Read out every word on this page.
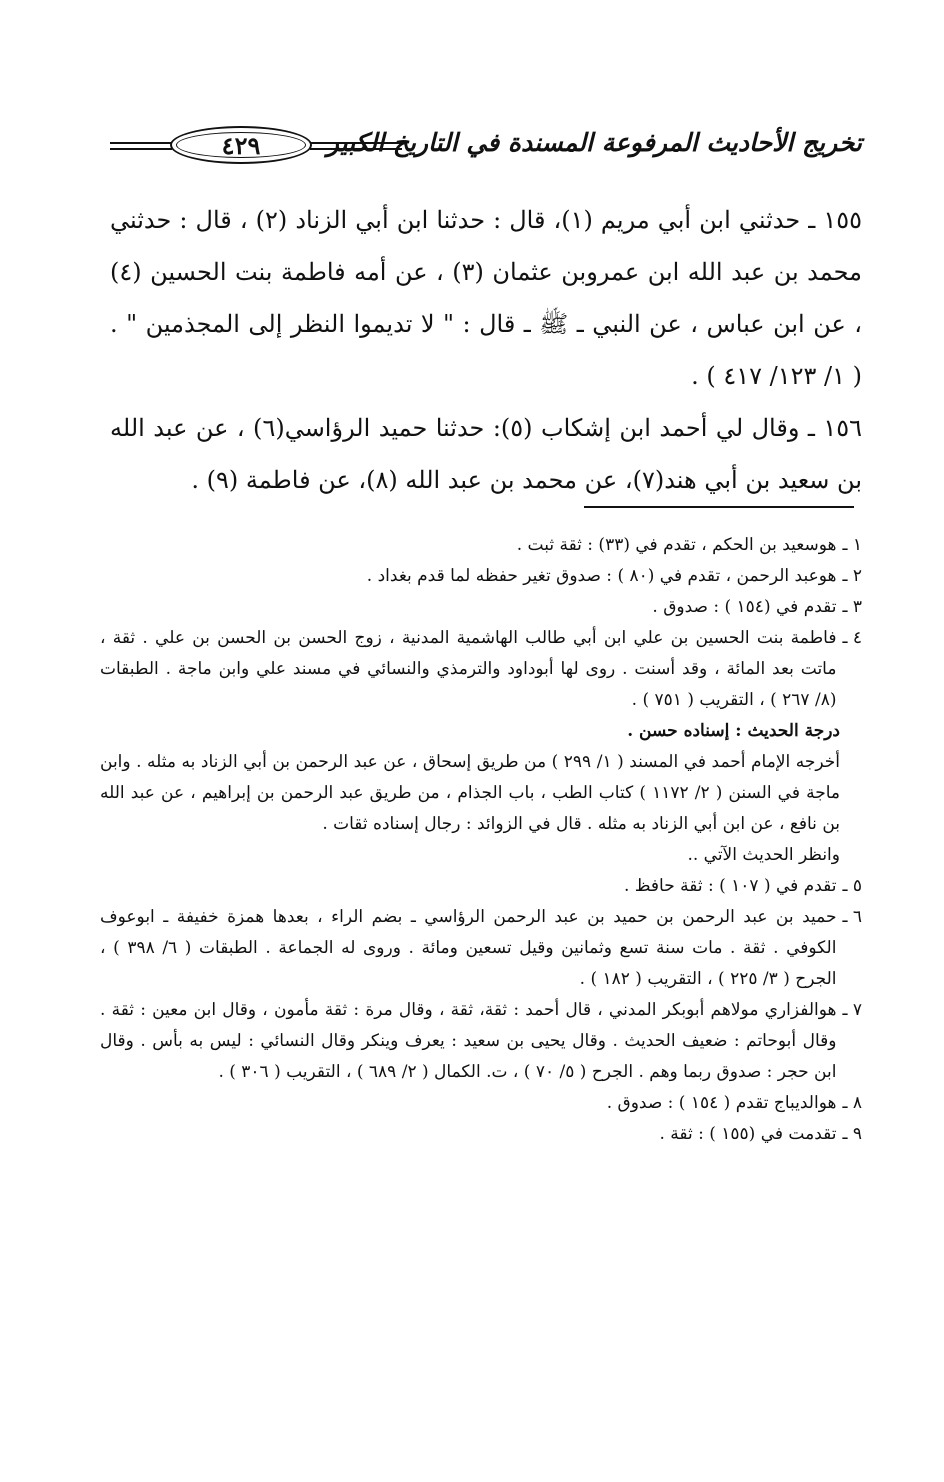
٤٢٩	تخريج الأحاديث المرفوعة المسندة في التاريخ الكبير

١٥٥ ـ حدثني ابن أبي مريم (١)، قال : حدثنا ابن أبي الزناد (٢) ، قال : حدثني محمد بن عبد الله ابن عمروبن عثمان (٣) ، عن أمه فاطمة بنت الحسين (٤) ، عن ابن عباس ، عن النبي ـ ﷺ ـ قال : " لا تديموا النظر إلى المجذمين " . ( ١/ ١٢٣/ ٤١٧ ) .

١٥٦ ـ وقال لي أحمد ابن إشكاب (٥): حدثنا حميد الرؤاسي(٦) ، عن عبد الله بن سعيد بن أبي هند(٧)، عن محمد بن عبد الله (٨)، عن فاطمة (٩) .

١ ـ
هوسعيد بن الحكم ، تقدم في (٣٣) : ثقة ثبت .
٢ ـ
هوعبد الرحمن ، تقدم في (٨٠ ) : صدوق تغير حفظه لما قدم بغداد .
٣ ـ
تقدم في (١٥٤ ) : صدوق .
٤ ـ
فاطمة بنت الحسين بن علي ابن أبي طالب الهاشمية المدنية ، زوج الحسن بن الحسن بن علي . ثقة ، ماتت بعد المائة ، وقد أسنت . روى لها أبوداود والترمذي والنسائي في مسند علي وابن ماجة . الطبقات (٨/ ٢٦٧ ) ، التقريب ( ٧٥١ ) .

درجة الحديث : إسناده حسن .

أخرجه الإمام أحمد في المسند ( ١/ ٢٩٩ ) من طريق إسحاق ، عن عبد الرحمن بن أبي الزناد به مثله . وابن ماجة في السنن ( ٢/ ١١٧٢ ) كتاب الطب ، باب الجذام ، من طريق عبد الرحمن بن إبراهيم ، عن عبد الله بن نافع ، عن ابن أبي الزناد به مثله . قال في الزوائد : رجال إسناده ثقات .

وانظر الحديث الآتي ..

٥ ـ
تقدم في ( ١٠٧ ) : ثقة حافظ .
٦ ـ
حميد بن عبد الرحمن بن حميد بن عبد الرحمن الرؤاسي ـ بضم الراء ، بعدها همزة خفيفة ـ ابوعوف الكوفي . ثقة . مات سنة تسع وثمانين وقيل تسعين ومائة . وروى له الجماعة . الطبقات ( ٦/ ٣٩٨ ) ، الجرح ( ٣/ ٢٢٥ ) ، التقريب ( ١٨٢ ) .
٧ ـ
هوالفزاري مولاهم أبوبكر المدني ، قال أحمد : ثقة، ثقة ، وقال مرة : ثقة مأمون ، وقال ابن معين : ثقة . وقال أبوحاتم : ضعيف الحديث . وقال يحيى بن سعيد : يعرف وينكر وقال النسائي : ليس به بأس . وقال ابن حجر : صدوق ربما وهم . الجرح ( ٥/ ٧٠ ) ، ت. الكمال ( ٢/ ٦٨٩ ) ، التقريب ( ٣٠٦ ) .
٨ ـ
هوالديباج تقدم ( ١٥٤ ) : صدوق .
٩ ـ
تقدمت في (١٥٥ ) : ثقة .
